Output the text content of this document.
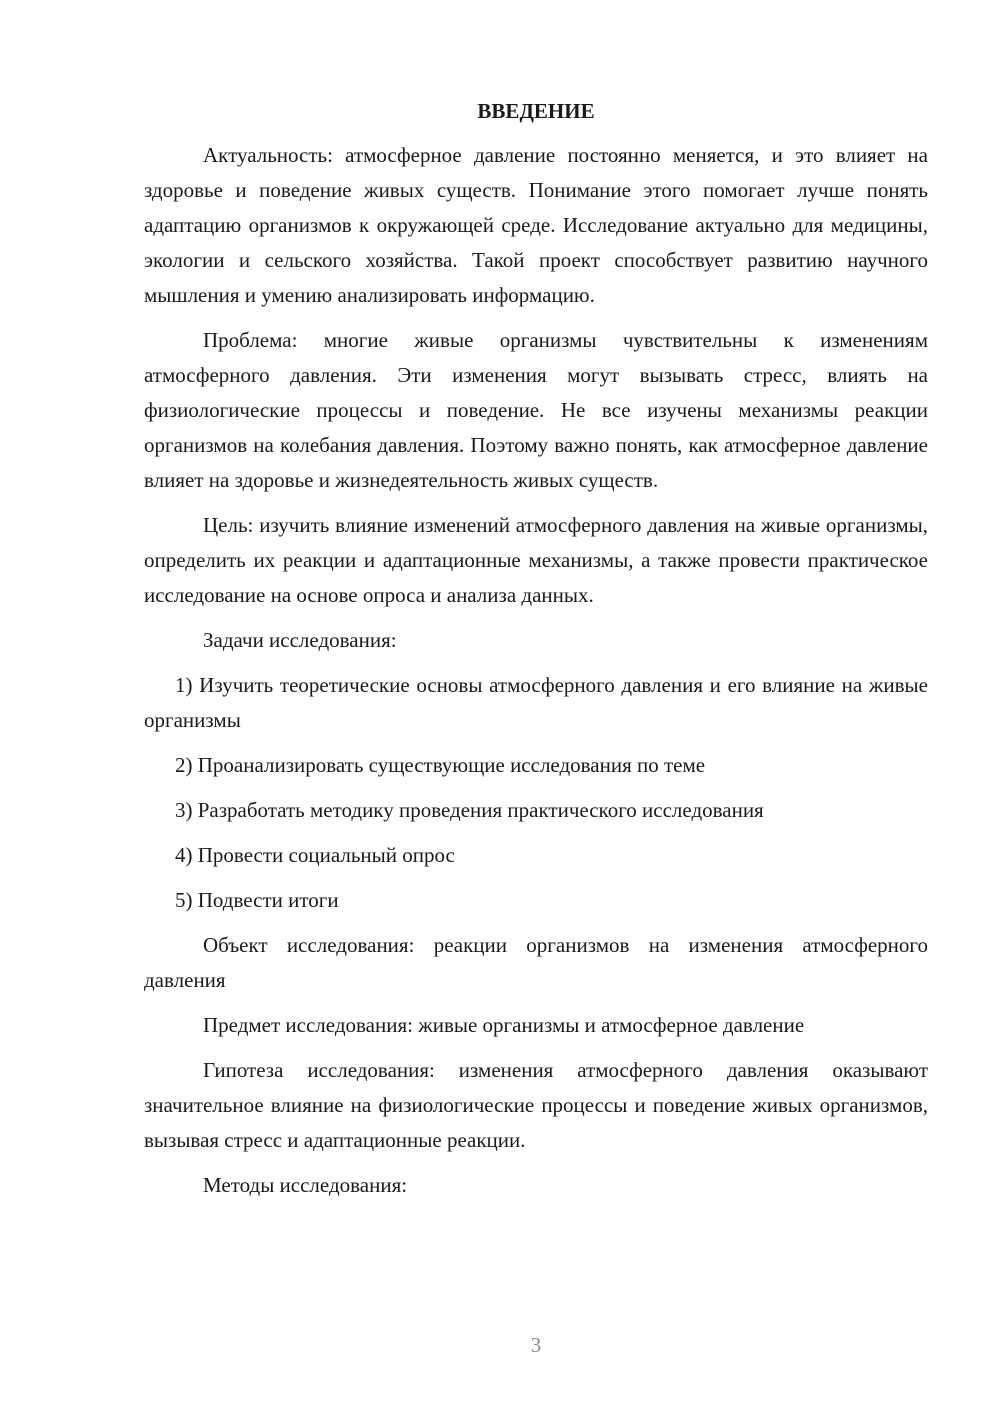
ВВЕДЕНИЕ

Актуальность: атмосферное давление постоянно меняется, и это влияет на здоровье и поведение живых существ. Понимание этого помогает лучше понять адаптацию организмов к окружающей среде. Исследование актуально для медицины, экологии и сельского хозяйства. Такой проект способствует развитию научного мышления и умению анализировать информацию.

Проблема: многие живые организмы чувствительны к изменениям атмосферного давления. Эти изменения могут вызывать стресс, влиять на физиологические процессы и поведение. Не все изучены механизмы реакции организмов на колебания давления. Поэтому важно понять, как атмосферное давление влияет на здоровье и жизнедеятельность живых существ.

Цель: изучить влияние изменений атмосферного давления на живые организмы, определить их реакции и адаптационные механизмы, а также провести практическое исследование на основе опроса и анализа данных.

Задачи исследования:

1) Изучить теоретические основы атмосферного давления и его влияние на живые организмы

2) Проанализировать существующие исследования по теме

3) Разработать методику проведения практического исследования

4) Провести социальный опрос

5) Подвести итоги

Объект исследования: реакции организмов на изменения атмосферного давления

Предмет исследования: живые организмы и атмосферное давление

Гипотеза исследования: изменения атмосферного давления оказывают значительное влияние на физиологические процессы и поведение живых организмов, вызывая стресс и адаптационные реакции.

Методы исследования:

3
